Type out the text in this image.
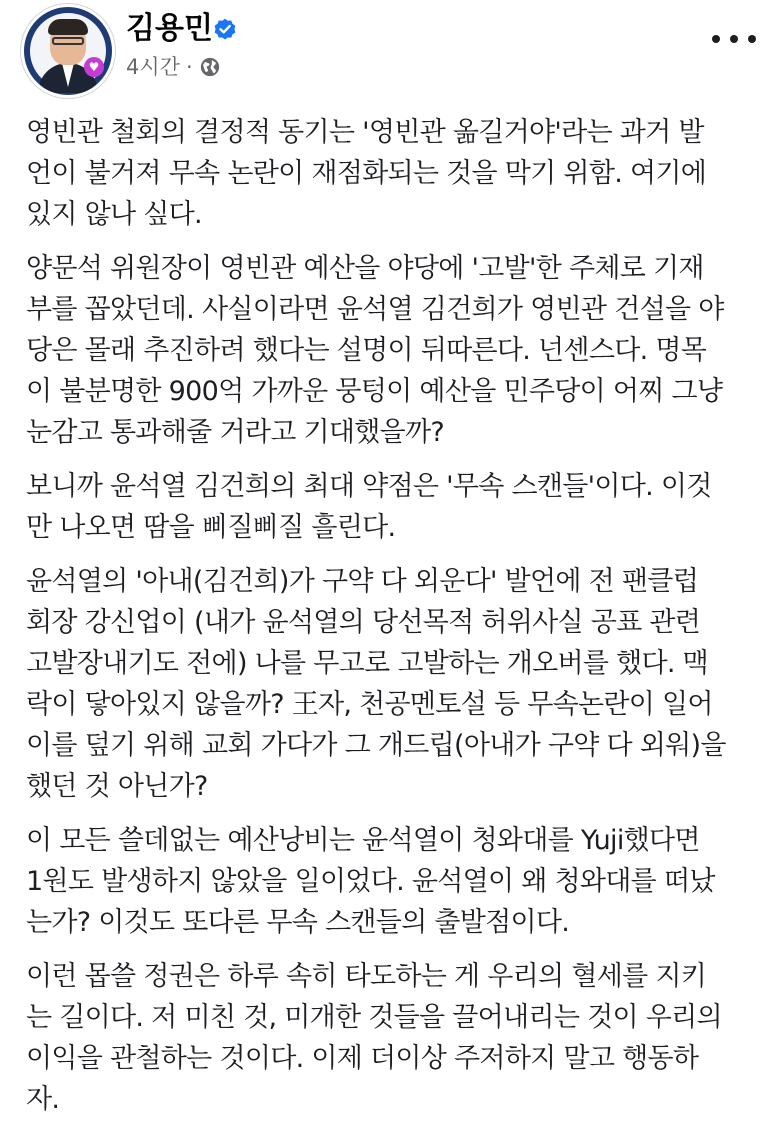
♥
김용민
4시간 ·

영빈관 철회의 결정적 동기는 '영빈관 옮길거야'라는 과거 발
언이 불거져 무속 논란이 재점화되는 것을 막기 위함. 여기에
있지 않나 싶다.

양문석 위원장이 영빈관 예산을 야당에 '고발'한 주체로 기재
부를 꼽았던데. 사실이라면 윤석열 김건희가 영빈관 건설을 야
당은 몰래 추진하려 했다는 설명이 뒤따른다. 넌센스다. 명목
이 불분명한 900억 가까운 뭉텅이 예산을 민주당이 어찌 그냥
눈감고 통과해줄 거라고 기대했을까?

보니까 윤석열 김건희의 최대 약점은 '무속 스캔들'이다. 이것
만 나오면 땀을 삐질삐질 흘린다.

윤석열의 '아내(김건희)가 구약 다 외운다' 발언에 전 팬클럽
회장 강신업이 (내가 윤석열의 당선목적 허위사실 공표 관련
고발장내기도 전에) 나를 무고로 고발하는 개오버를 했다. 맥
락이 닿아있지 않을까? 王자, 천공멘토설 등 무속논란이 일어
이를 덮기 위해 교회 가다가 그 개드립(아내가 구약 다 외워)을
했던 것 아닌가?

이 모든 쓸데없는 예산낭비는 윤석열이 청와대를 Yuji했다면
1원도 발생하지 않았을 일이었다. 윤석열이 왜 청와대를 떠났
는가? 이것도 또다른 무속 스캔들의 출발점이다.

이런 몹쓸 정권은 하루 속히 타도하는 게 우리의 혈세를 지키
는 길이다. 저 미친 것, 미개한 것들을 끌어내리는 것이 우리의
이익을 관철하는 것이다. 이제 더이상 주저하지 말고 행동하
자.
